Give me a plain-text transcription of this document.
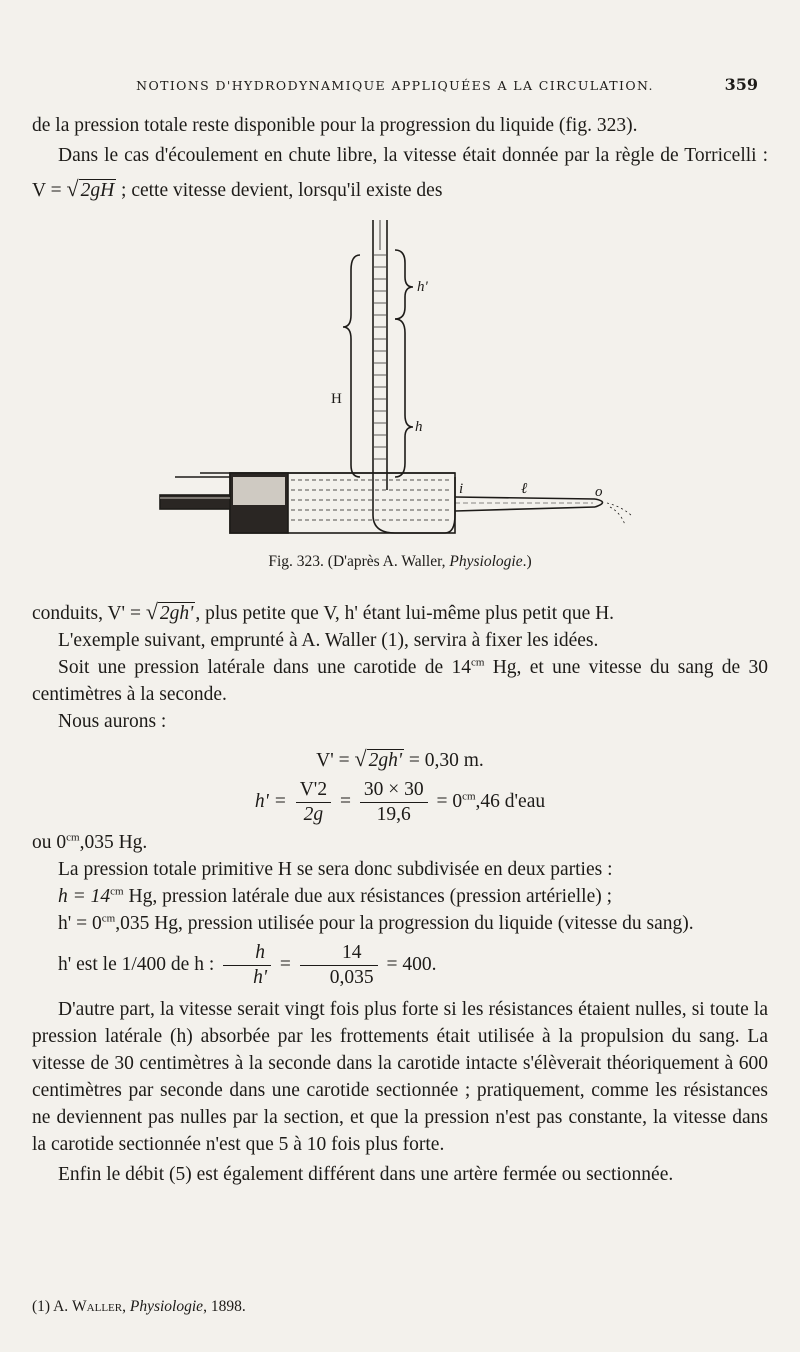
NOTIONS D'HYDRODYNAMIQUE APPLIQUÉES A LA CIRCULATION.	359

de la pression totale reste disponible pour la progression du liquide (fig. 323).

Dans le cas d'écoulement en chute libre, la vitesse était donnée par la règle de Torricelli : V = √ 2gH ; cette vitesse devient, lorsqu'il existe des

h'
H
h
i	ℓ	o
Fig. 323. (D'après A. Waller, Physiologie.)

conduits, V' = √ 2gh' , plus petite que V, h' étant lui-même plus petit que H.

L'exemple suivant, emprunté à A. Waller (1), servira à fixer les idées.

Soit une pression latérale dans une carotide de $14^{cm}$ Hg, et une vitesse du sang de 30 centimètres à la seconde.

Nous aurons :

V' = √ 2gh' = 0,30 m.

$h' = \frac{V'2}{2g} = \frac{30 \times 30}{19,6} = 0^{cm},46$ d'eau

ou $0^{cm},035$ Hg.

La pression totale primitive H se sera donc subdivisée en deux parties :

$h = 14^{cm}$ Hg, pression latérale due aux résistances (pression artérielle) ;

$h' = 0^{cm},035$ Hg, pression utilisée pour la progression du liquide (vitesse du sang).

h' est le 1/400 de h : $\frac{h}{h'} = \frac{14}{0,035} = 400$.

D'autre part, la vitesse serait vingt fois plus forte si les résistances étaient nulles, si toute la pression latérale (h) absorbée par les frottements était utilisée à la propulsion du sang. La vitesse de 30 centimètres à la seconde dans la carotide intacte s'élèverait théoriquement à 600 centimètres par seconde dans une carotide sectionnée ; pratiquement, comme les résistances ne deviennent pas nulles par la section, et que la pression n'est pas constante, la vitesse dans la carotide sectionnée n'est que 5 à 10 fois plus forte.

Enfin le débit (5) est également différent dans une artère fermée ou sectionnée.

(1) A. Waller, Physiologie, 1898.
